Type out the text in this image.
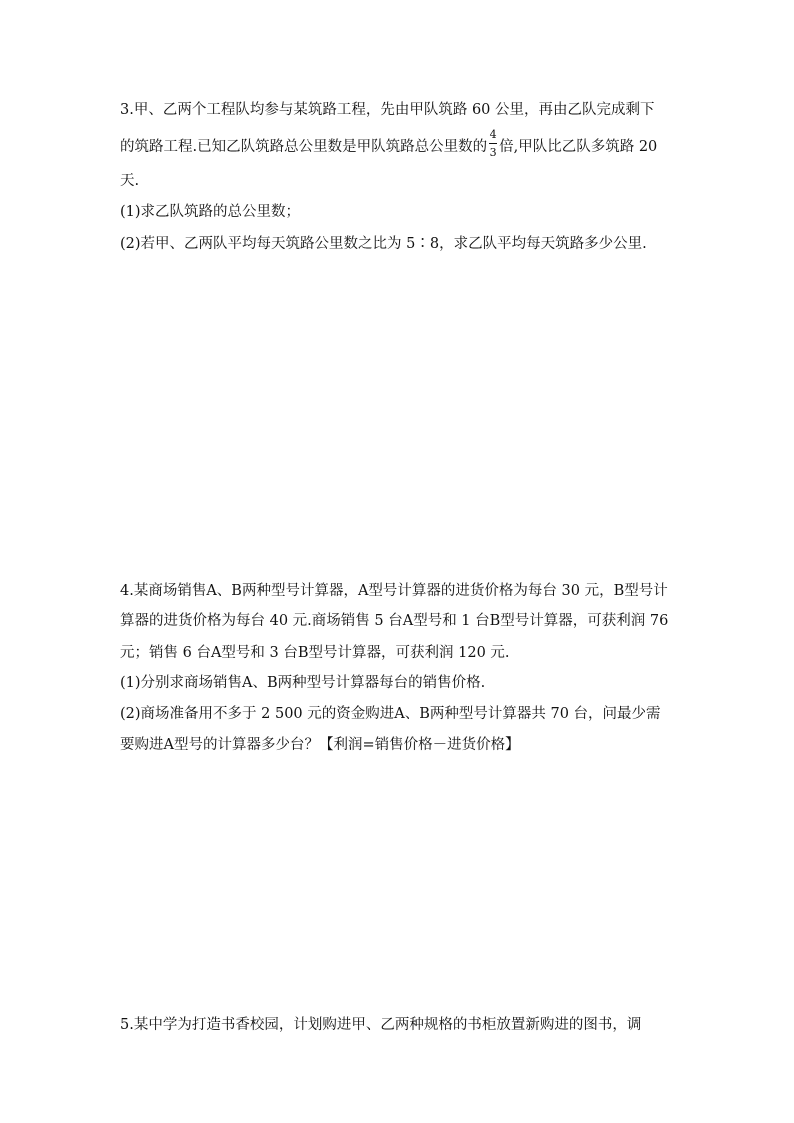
3.甲、乙两个工程队均参与某筑路工程，先由甲队筑路 60 公里，再由乙队完成剩下
的筑路工程.已知乙队筑路总公里数是甲队筑路总公里数的 $\frac{4}{3}$ 倍,甲队比乙队多筑路 20
天.
(1)求乙队筑路的总公里数；
(2)若甲、乙两队平均每天筑路公里数之比为 5∶8，求乙队平均每天筑路多少公里.
4.某商场销售A、B两种型号计算器，A型号计算器的进货价格为每台 30 元，B型号计
算器的进货价格为每台 40 元.商场销售 5 台A型号和 1 台B型号计算器，可获利润 76
元；销售 6 台A型号和 3 台B型号计算器，可获利润 120 元.
(1)分别求商场销售A、B两种型号计算器每台的销售价格.
(2)商场准备用不多于 2 500 元的资金购进A、B两种型号计算器共 70 台，问最少需
要购进A型号的计算器多少台？【利润=销售价格－进货价格】
5.某中学为打造书香校园，计划购进甲、乙两种规格的书柜放置新购进的图书，调
